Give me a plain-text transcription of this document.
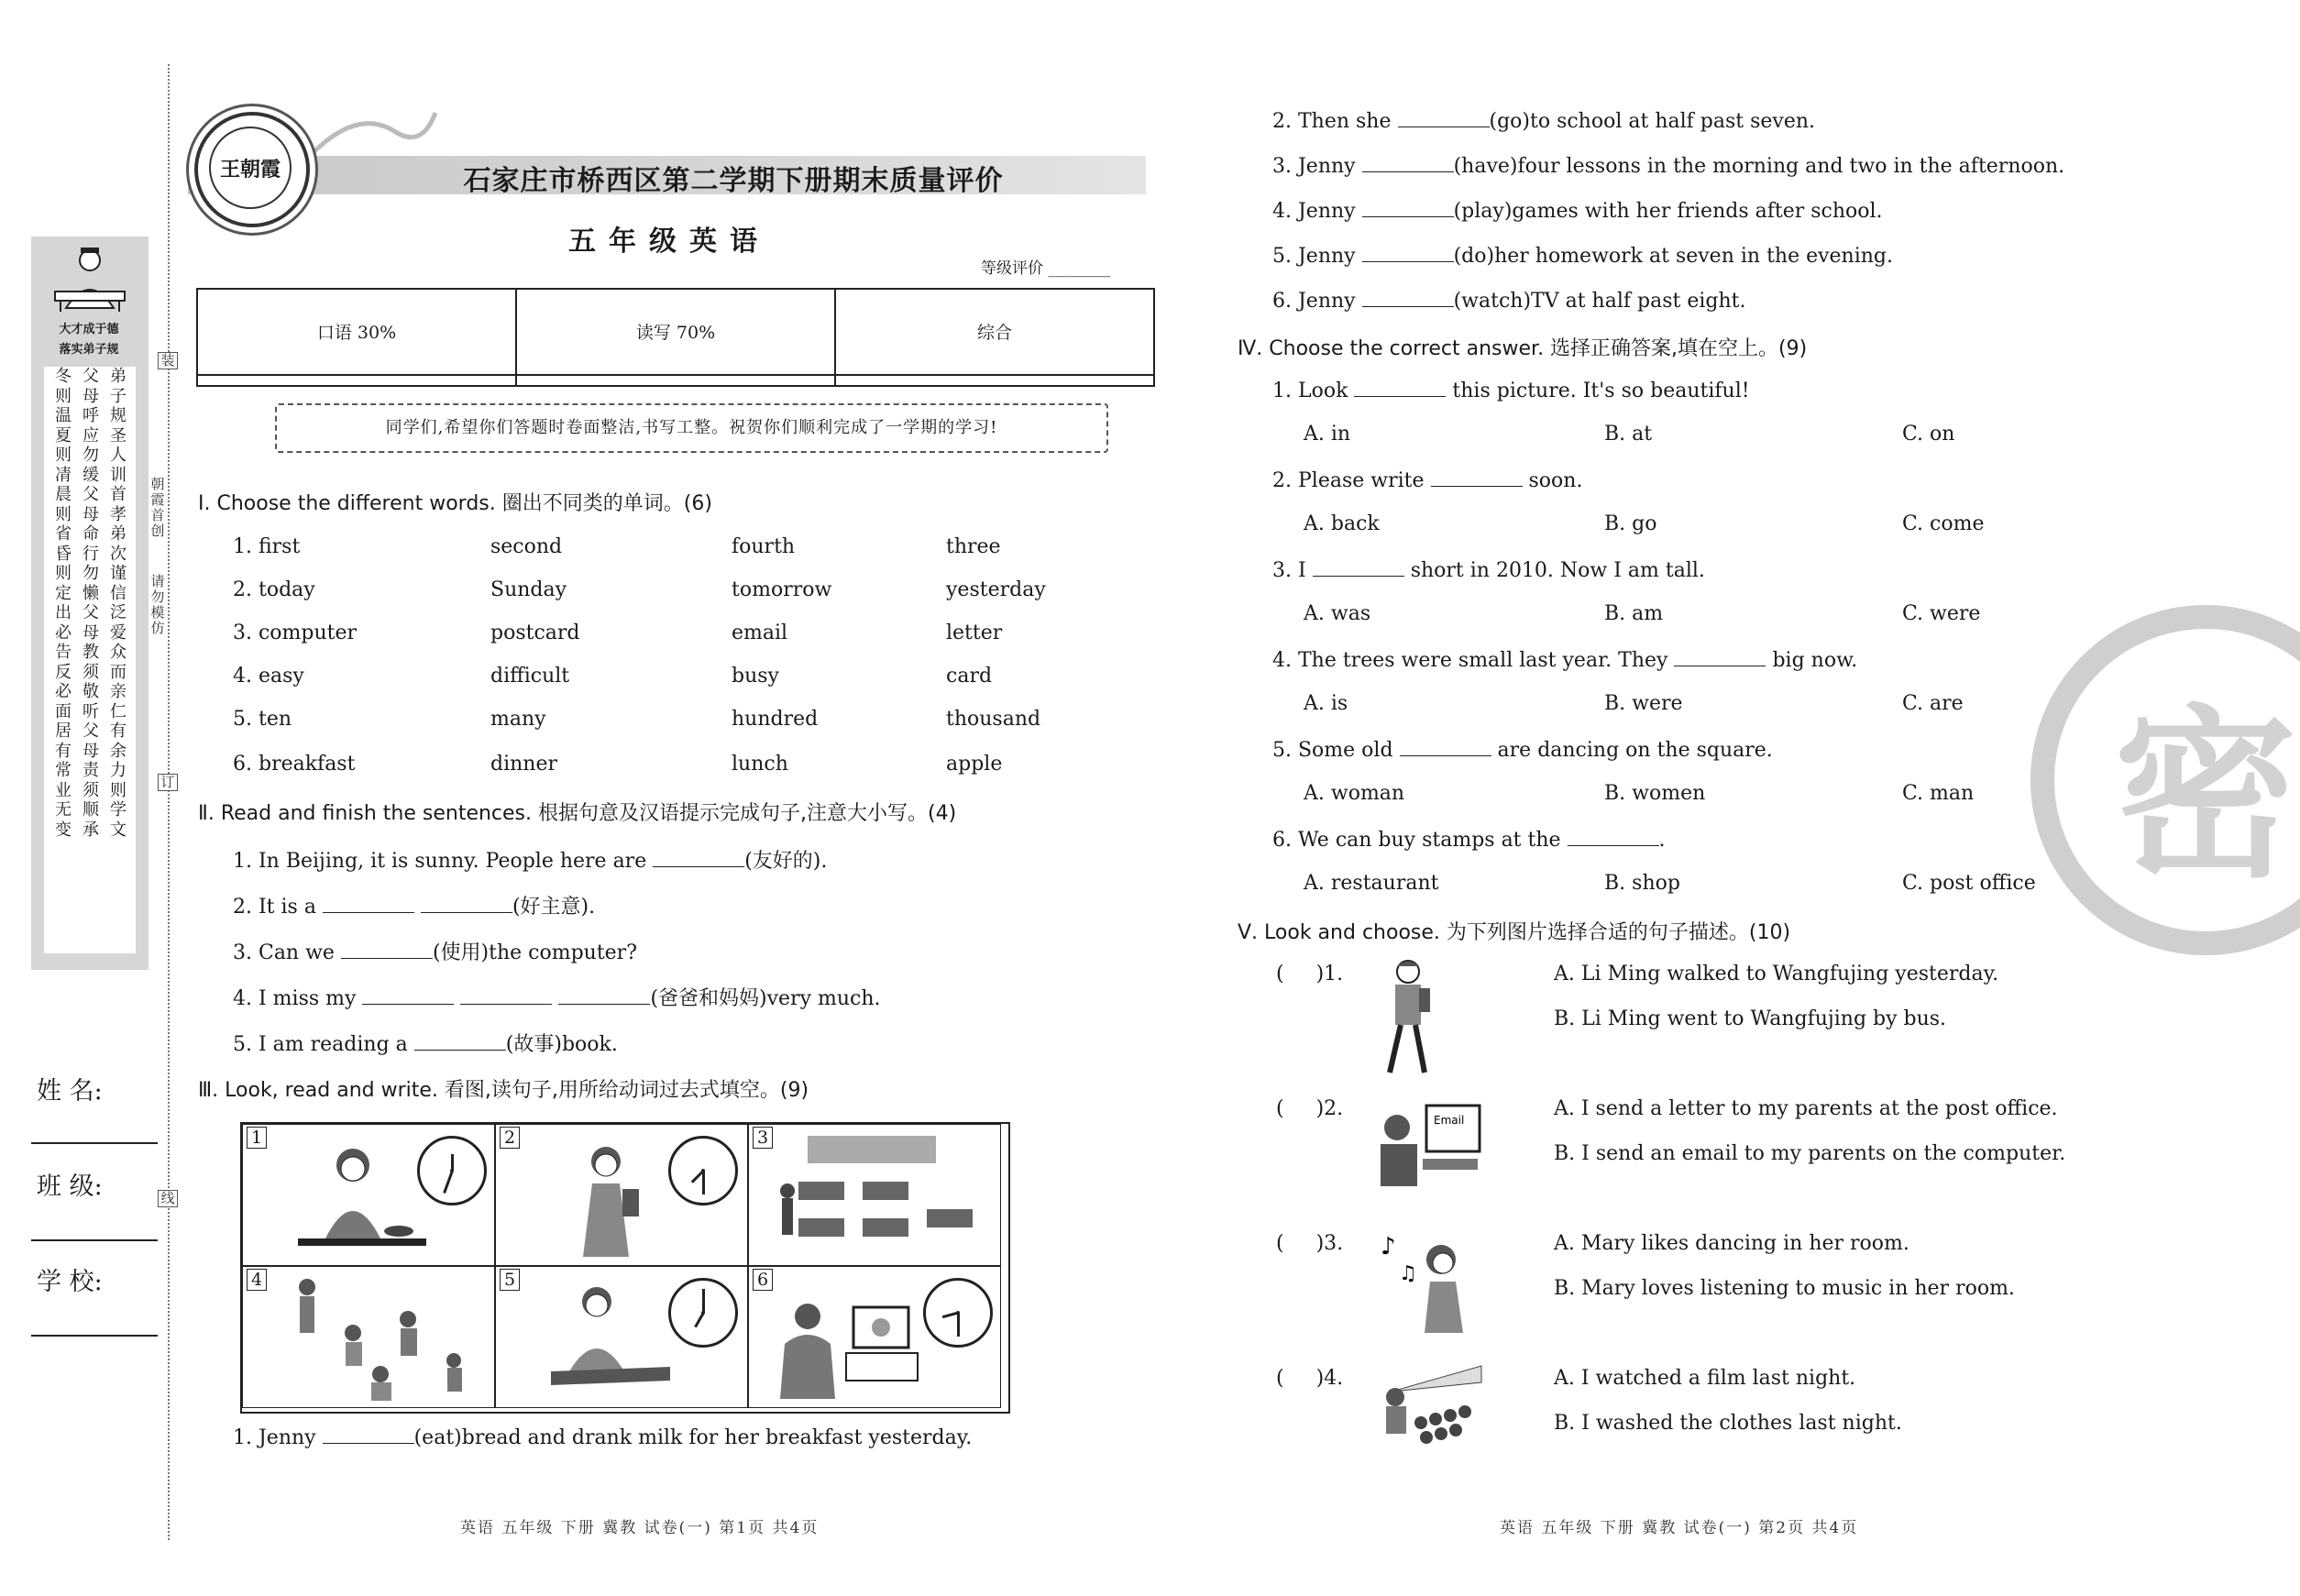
大才成于德
落实弟子规
冬则温夏则凊晨则省昏则定出必告反必面居有常业无变
父母呼应勿缓父母命行勿懒父母教须敬听父母责须顺承
弟子规圣人训首孝弟次谨信泛爱众而亲仁有余力则学文
朝霞首创
请勿模仿
装
订
线
姓 名:
班 级:
学 校:
王朝霞	石家庄市桥西区第二学期下册期末质量评价
五年级英语
等级评价 ________
口语 30%	读写 70%	综合

同学们,希望你们答题时卷面整洁,书写工整。祝贺你们顺利完成了一学期的学习!
Ⅰ. Choose the different words. 圈出不同类的单词。(6)
1. first	second	fourth	three
2. today	Sunday	tomorrow	yesterday
3. computer	postcard	email	letter
4. easy	difficult	busy	card
5. ten	many	hundred	thousand
6. breakfast	dinner	lunch	apple
Ⅱ. Read and finish the sentences. 根据句意及汉语提示完成句子,注意大小写。(4)
1. In Beijing, it is sunny. People here are	(友好的).
2. It is a	(好主意).
3. Can we	(使用)the computer?
4. I miss my	(爸爸和妈妈)very much.
5. I am reading a	(故事)book.
Ⅲ. Look, read and write. 看图,读句子,用所给动词过去式填空。(9)
1	2	3
4	5	6
1. Jenny	(eat)bread and drank milk for her breakfast yesterday.
英语 五年级 下册 冀教 试卷(一) 第1页 共4页
密
2. Then she	(go)to school at half past seven.
3. Jenny	(have)four lessons in the morning and two in the afternoon.
4. Jenny	(play)games with her friends after school.
5. Jenny	(do)her homework at seven in the evening.
6. Jenny	(watch)TV at half past eight.
Ⅳ. Choose the correct answer. 选择正确答案,填在空上。(9)
1. Look	this picture. It's so beautiful!
A. in	B. at	C. on
2. Please write	soon.
A. back	B. go	C. come
3. I	short in 2010. Now I am tall.
A. was	B. am	C. were
4. The trees were small last year. They	big now.
A. is	B. were	C. are
5. Some old	are dancing on the square.
A. woman	B. women	C. man
6. We can buy stamps at the	.
A. restaurant	B. shop	C. post office
Ⅴ. Look and choose. 为下列图片选择合适的句子描述。(10)
(     )1.	A. Li Ming walked to Wangfujing yesterday.
B. Li Ming went to Wangfujing by bus.
(     )2.	Email	A. I send a letter to my parents at the post office.
B. I send an email to my parents on the computer.
(     )3. ♪
♫
A. Mary likes dancing in her room.
B. Mary loves listening to music in her room.
(     )4.	A. I watched a film last night.
B. I washed the clothes last night.
英语 五年级 下册 冀教 试卷(一) 第2页 共4页
